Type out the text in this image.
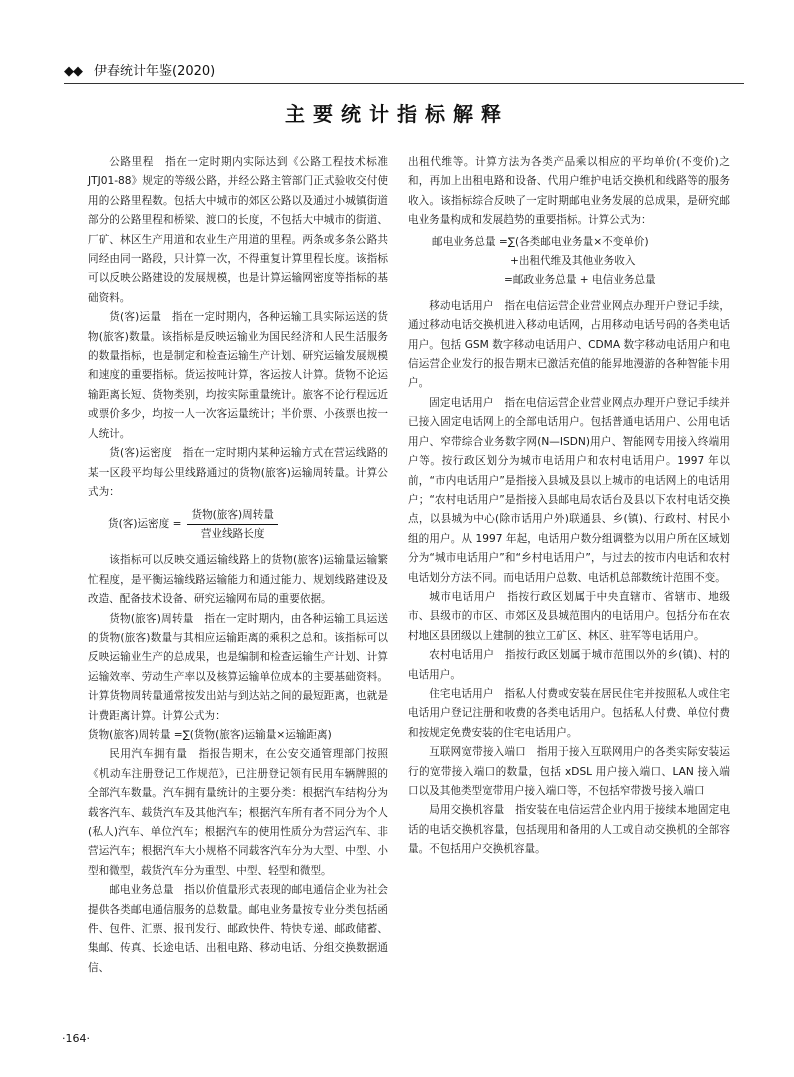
◆◆ 伊春统计年鉴(2020)
主要统计指标解释

公路里程　 指在一定时期内实际达到《公路工程技术标准 JTJ01-88》规定的等级公路，并经公路主管部门正式验收交付使用的公路里程数。包括大中城市的郊区公路以及通过小城镇街道部分的公路里程和桥梁、渡口的长度，不包括大中城市的街道、厂矿、林区生产用道和农业生产用道的里程。两条或多条公路共同经由同一路段，只计算一次，不得重复计算里程长度。该指标可以反映公路建设的发展规模，也是计算运输网密度等指标的基础资料。

货(客)运量　 指在一定时期内，各种运输工具实际运送的货物(旅客)数量。该指标是反映运输业为国民经济和人民生活服务的数量指标，也是制定和检查运输生产计划、研究运输发展规模和速度的重要指标。货运按吨计算，客运按人计算。货物不论运输距离长短、货物类别，均按实际重量统计。旅客不论行程远近或票价多少，均按一人一次客运量统计；半价票、小孩票也按一人统计。

货(客)运密度　 指在一定时期内某种运输方式在营运线路的某一区段平均每公里线路通过的货物(旅客)运输周转量。计算公式为：

货(客)运密度 = $\frac{\text{货物(旅客)周转量}}{\text{营业线路长度}}$

该指标可以反映交通运输线路上的货物(旅客)运输量运输繁忙程度，是平衡运输线路运输能力和通过能力、规划线路建设及改造、配备技术设备、研究运输网布局的重要依据。

货物(旅客)周转量　 指在一定时期内，由各种运输工具运送的货物(旅客)数量与其相应运输距离的乘积之总和。该指标可以反映运输业生产的总成果，也是编制和检查运输生产计划、计算运输效率、劳动生产率以及核算运输单位成本的主要基础资料。计算货物周转量通常按发出站与到达站之间的最短距离，也就是计费距离计算。计算公式为：

货物(旅客)周转量 =∑(货物(旅客)运输量×运输距离)

民用汽车拥有量　 指报告期末，在公安交通管理部门按照《机动车注册登记工作规范》，已注册登记领有民用车辆牌照的全部汽车数量。汽车拥有量统计的主要分类：根据汽车结构分为载客汽车、载货汽车及其他汽车；根据汽车所有者不同分为个人(私人)汽车、单位汽车；根据汽车的使用性质分为营运汽车、非营运汽车；根据汽车大小规格不同载客汽车分为大型、中型、小型和微型，载货汽车分为重型、中型、轻型和微型。

邮电业务总量　 指以价值量形式表现的邮电通信企业为社会提供各类邮电通信服务的总数量。邮电业务量按专业分类包括函件、包件、汇票、报刊发行、邮政快件、特快专递、邮政储蓄、集邮、传真、长途电话、出租电路、移动电话、分组交换数据通信、

出租代维等。计算方法为各类产品乘以相应的平均单价(不变价)之和，再加上出租电路和设备、代用户维护电话交换机和线路等的服务收入。该指标综合反映了一定时期邮电业务发展的总成果，是研究邮电业务量构成和发展趋势的重要指标。计算公式为：

邮电业务总量 =∑(各类邮电业务量×不变单价)

+出租代维及其他业务收入

=邮政业务总量 + 电信业务总量

移动电话用户　 指在电信运营企业营业网点办理开户登记手续，通过移动电话交换机进入移动电话网，占用移动电话号码的各类电话用户。包括 GSM 数字移动电话用户、CDMA 数字移动电话用户和电信运营企业发行的报告期末已激活充值的能昇地漫游的各种智能卡用户。

固定电话用户　 指在电信运营企业营业网点办理开户登记手续并已接入固定电话网上的全部电话用户。包括普通电话用户、公用电话用户、窄带综合业务数字网(N—ISDN)用户、智能网专用接入终端用户等。按行政区划分为城市电话用户和农村电话用户。1997 年以前，“市内电话用户”是指接入县城及县以上城市的电话网上的电话用户；“农村电话用户”是指接入县邮电局农话台及县以下农村电话交换点，以县城为中心(除市话用户外)联通县、乡(镇)、行政村、村民小组的用户。从 1997 年起，电话用户数分组调整为以用户所在区域划分为“城市电话用户”和“乡村电话用户”，与过去的按市内电话和农村电话划分方法不同。而电话用户总数、电话机总部数统计范围不变。

城市电话用户　 指按行政区划属于中央直辖市、省辖市、地级市、县级市的市区、市郊区及县城范围内的电话用户。包括分布在农村地区县团级以上建制的独立工矿区、林区、驻军等电话用户。

农村电话用户　 指按行政区划属于城市范围以外的乡(镇)、村的电话用户。

住宅电话用户　 指私人付费或安装在居民住宅并按照私人或住宅电话用户登记注册和收费的各类电话用户。包括私人付费、单位付费和按规定免费安装的住宅电话用户。

互联网宽带接入端口　 指用于接入互联网用户的各类实际安装运行的宽带接入端口的数量，包括 xDSL 用户接入端口、LAN 接入端口以及其他类型宽带用户接入端口等，不包括窄带拨号接入端口

局用交换机容量　 指安装在电信运营企业内用于接续本地固定电话的电话交换机容量，包括现用和备用的人工或自动交换机的全部容量。不包括用户交换机容量。

·164·
